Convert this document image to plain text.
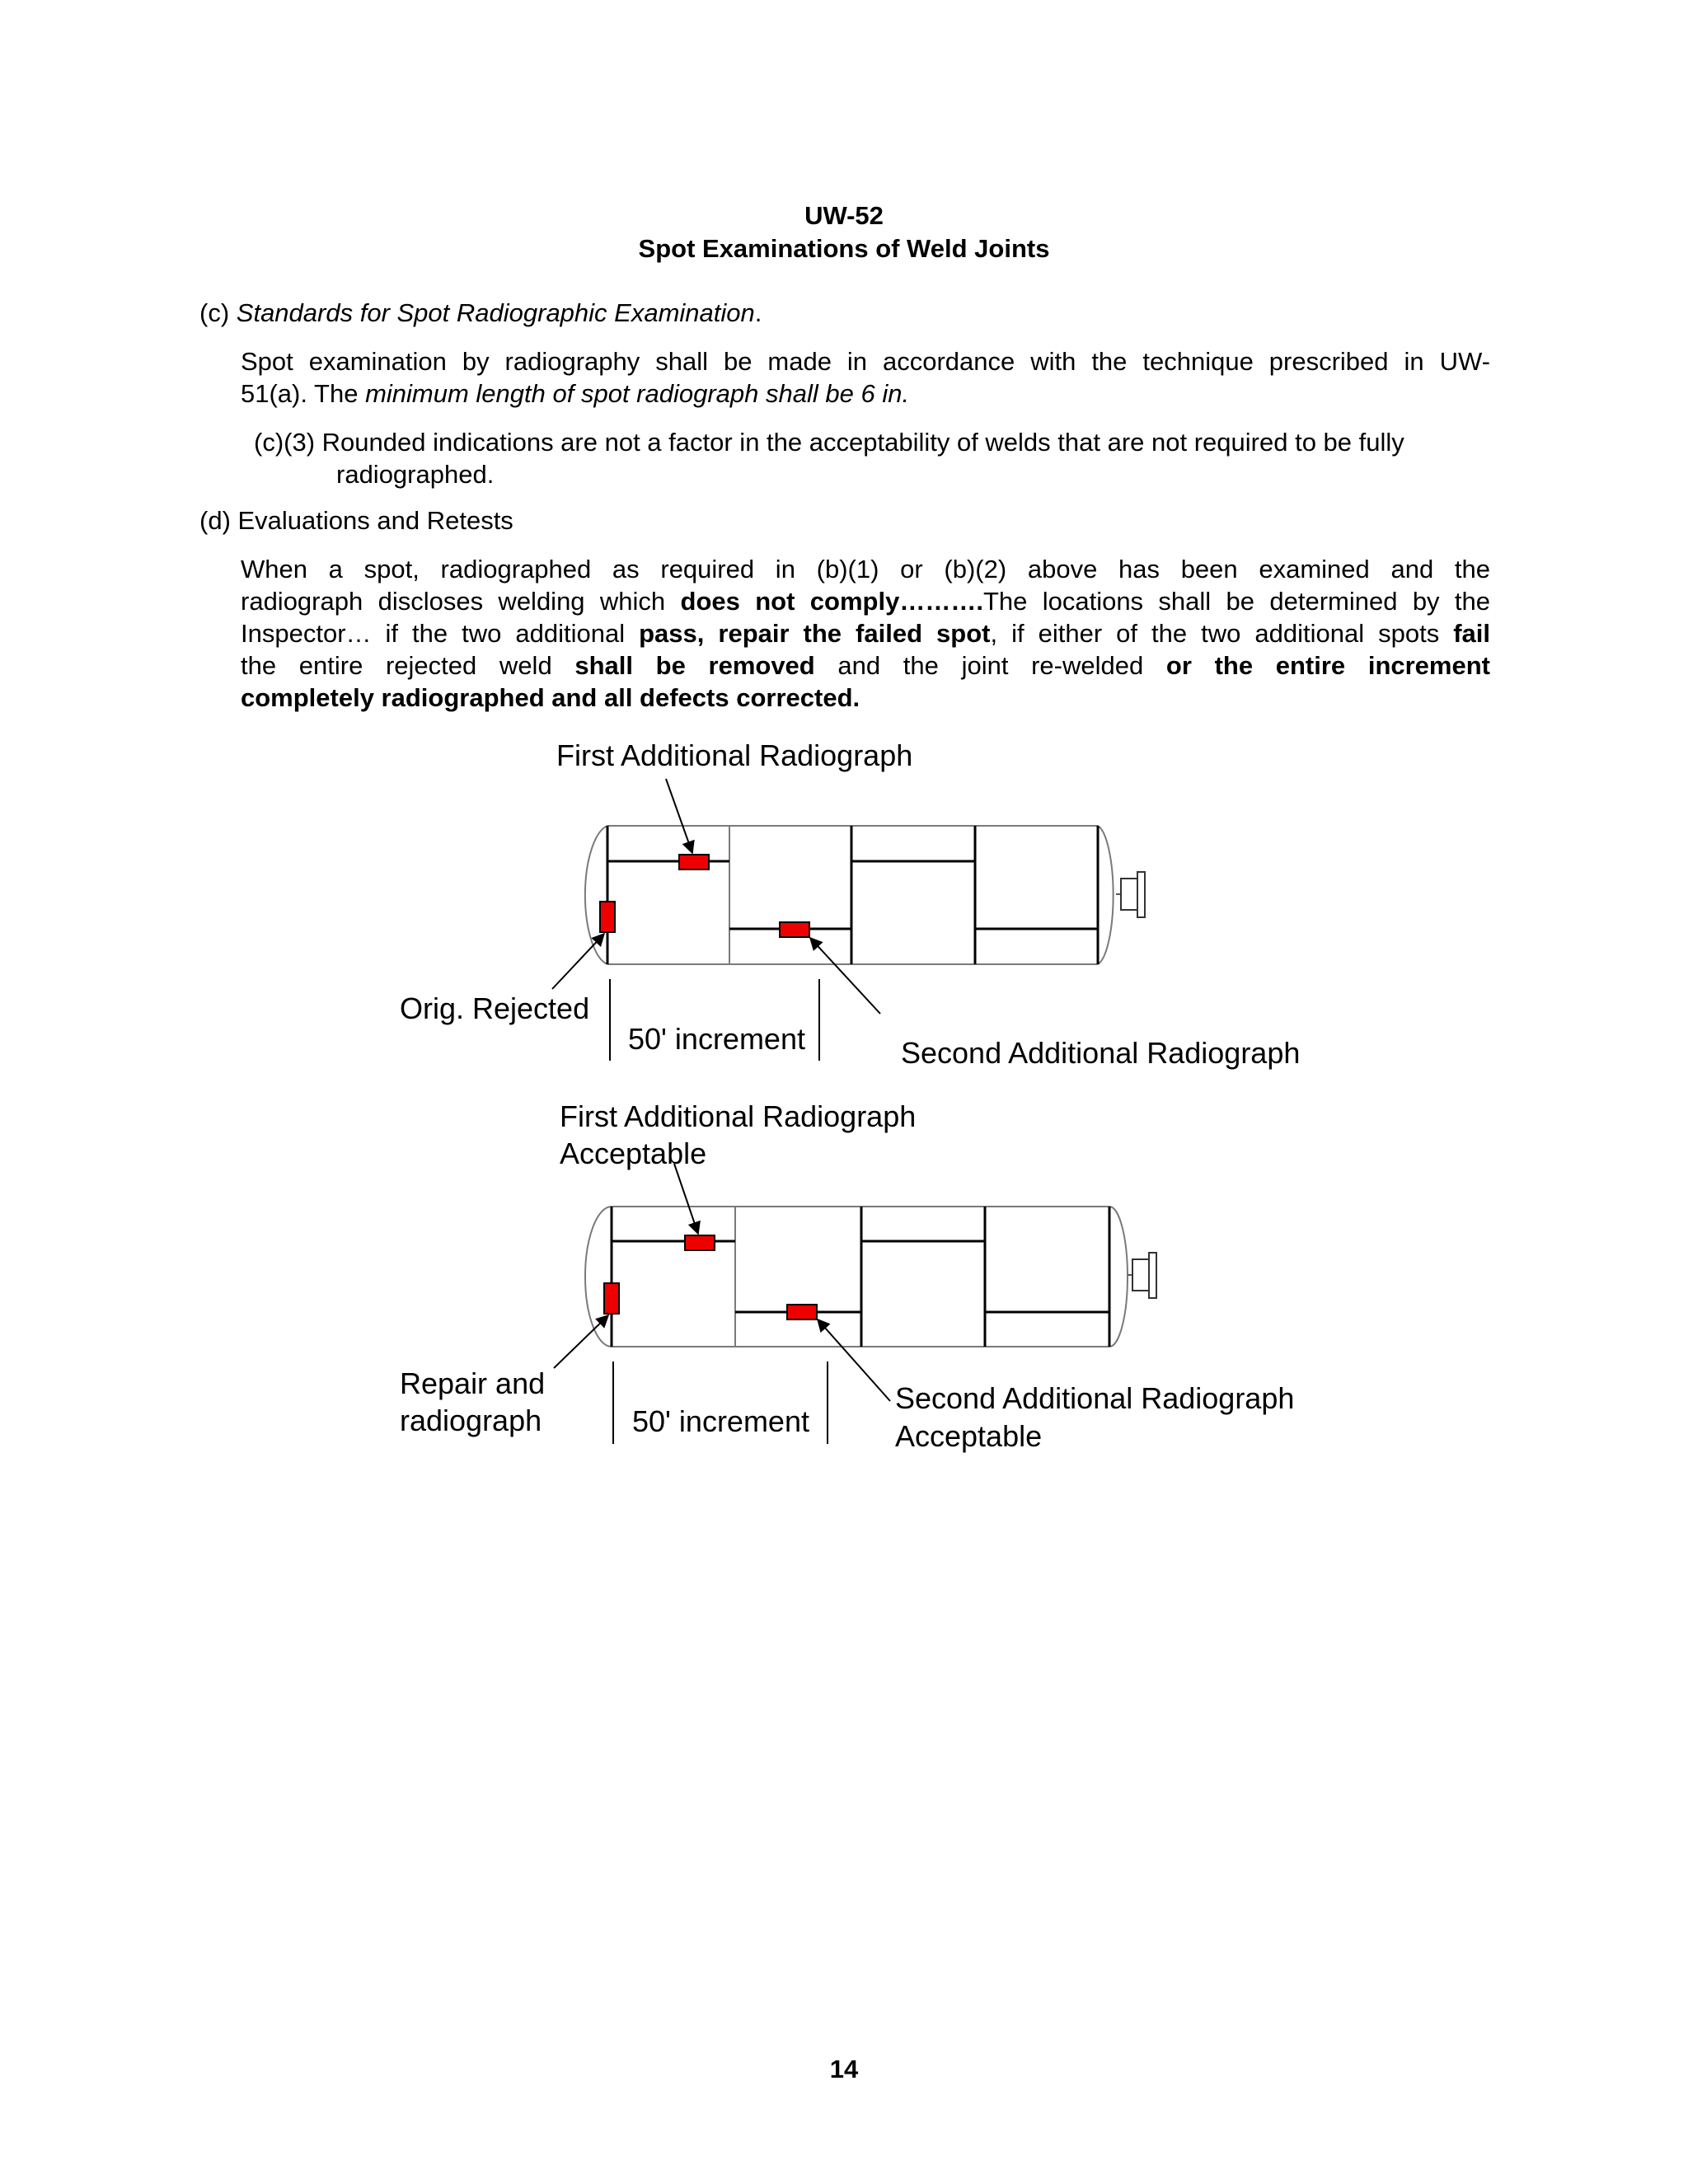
UW-52
Spot Examinations of Weld Joints
(c) Standards for Spot Radiographic Examination.
Spot examination by radiography shall be made in accordance with the technique prescribed in UW-
51(a). The minimum length of spot radiograph shall be 6 in.
(c)(3) Rounded indications are not a factor in the acceptability of welds that are not required to be fully radiographed.
(d) Evaluations and Retests
When a spot, radiographed as required in (b)(1) or (b)(2) above has been examined and the
radiograph discloses welding which does not comply……….The locations shall be determined by the
Inspector… if the two additional pass, repair the failed spot, if either of the two additional spots fail
the entire rejected weld shall be removed and the joint re-welded or the entire increment
completely radiographed and all defects corrected.
First Additional Radiograph
Orig. Rejected
50' increment	Second Additional Radiograph
First Additional Radiograph
Acceptable
Repair and
radiograph	50' increment
Second Additional Radiograph
Acceptable
14
